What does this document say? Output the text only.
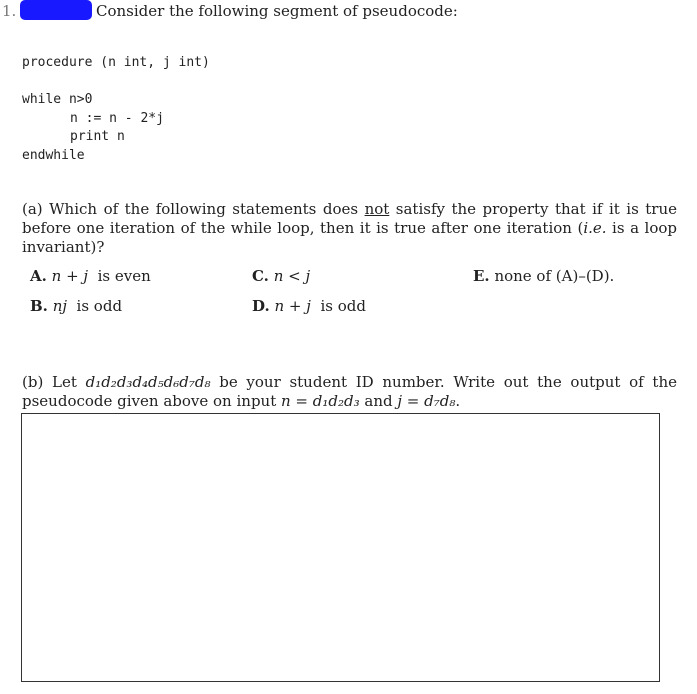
1.	Consider the following segment of pseudocode:
procedure (n int, j int)
while n>0
n := n - 2*j
print n
endwhile
(a) Which of the following statements does not satisfy the property that if it is true before one iteration of the while loop, then it is true after one iteration (i.e. is a loop invariant)?
A. n + j is even
B. nj is odd
C. n < j
D. n + j is odd
E. none of (A)–(D).
(b) Let d₁d₂d₃d₄d₅d₆d₇d₈ be your student ID number. Write out the output of the pseudocode given above on input n = d₁d₂d₃ and j = d₇d₈.
